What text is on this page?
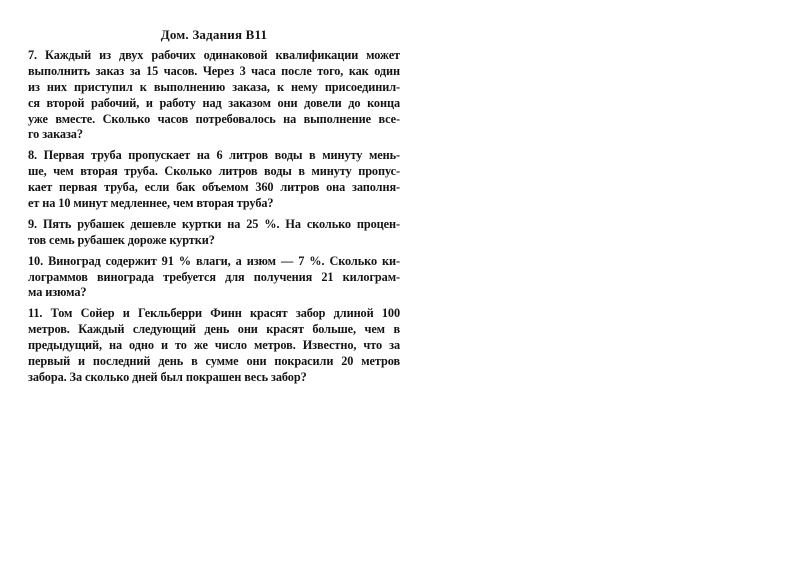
Дом. Задания В11
7. Каждый из двух рабочих одинаковой квалификации может
выполнить заказ за 15 часов. Через 3 часа после того, как один
из них приступил к выполнению заказа, к нему присоединил-
ся второй рабочий, и работу над заказом они довели до конца
уже вместе. Сколько часов потребовалось на выполнение все-
го заказа?
8. Первая труба пропускает на 6 литров воды в минуту мень-
ше, чем вторая труба. Сколько литров воды в минуту пропус-
кает первая труба, если бак объемом 360 литров она заполня-
ет на 10 минут медленнее, чем вторая труба?
9. Пять рубашек дешевле куртки на 25 %. На сколько процен-
тов семь рубашек дороже куртки?
10. Виноград содержит 91 % влаги, а изюм — 7 %. Сколько ки-
лограммов винограда требуется для получения 21 килограм-
ма изюма?
11. Том Сойер и Гекльберри Финн красят забор длиной 100
метров. Каждый следующий день они красят больше, чем в
предыдущий, на одно и то же число метров. Известно, что за
первый и последний день в сумме они покрасили 20 метров
забора. За сколько дней был покрашен весь забор?
